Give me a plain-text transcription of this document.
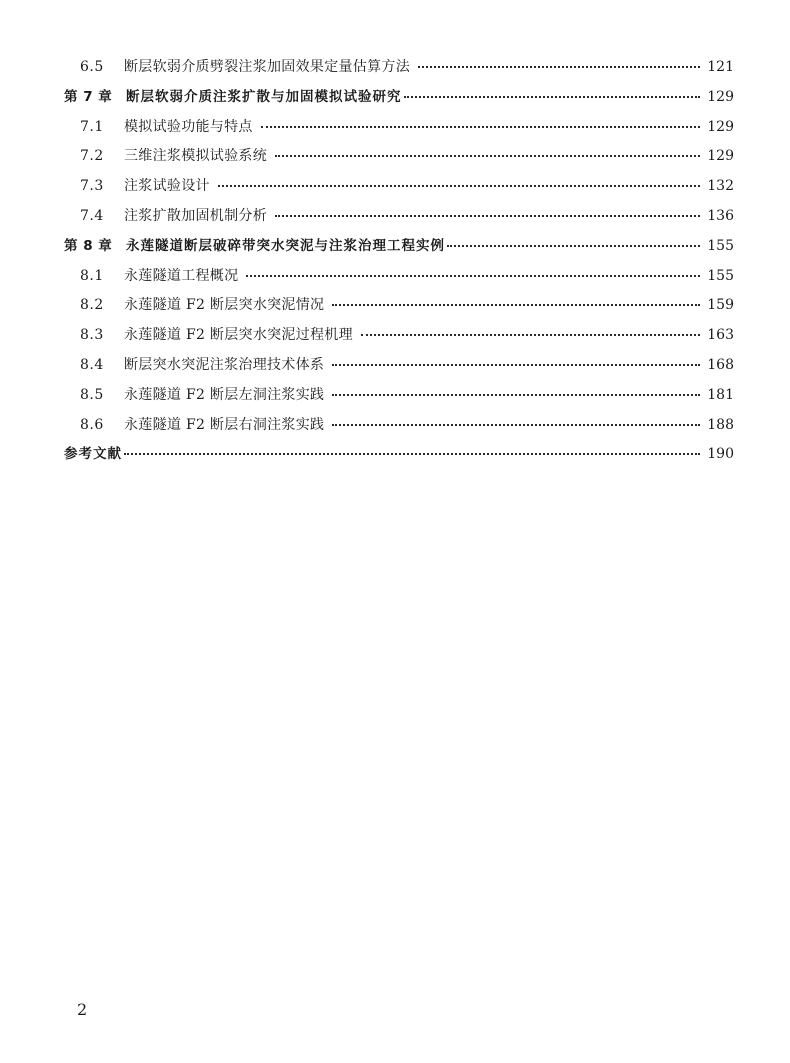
6.5	断层软弱介质劈裂注浆加固效果定量估算方法	121
第 7 章	断层软弱介质注浆扩散与加固模拟试验研究	129
7.1	模拟试验功能与特点	129
7.2	三维注浆模拟试验系统	129
7.3	注浆试验设计	132
7.4	注浆扩散加固机制分析	136
第 8 章	永莲隧道断层破碎带突水突泥与注浆治理工程实例	155
8.1	永莲隧道工程概况	155
8.2	永莲隧道 F2 断层突水突泥情况	159
8.3	永莲隧道 F2 断层突水突泥过程机理	163
8.4	断层突水突泥注浆治理技术体系	168
8.5	永莲隧道 F2 断层左洞注浆实践	181
8.6	永莲隧道 F2 断层右洞注浆实践	188
参考文献	190
2
